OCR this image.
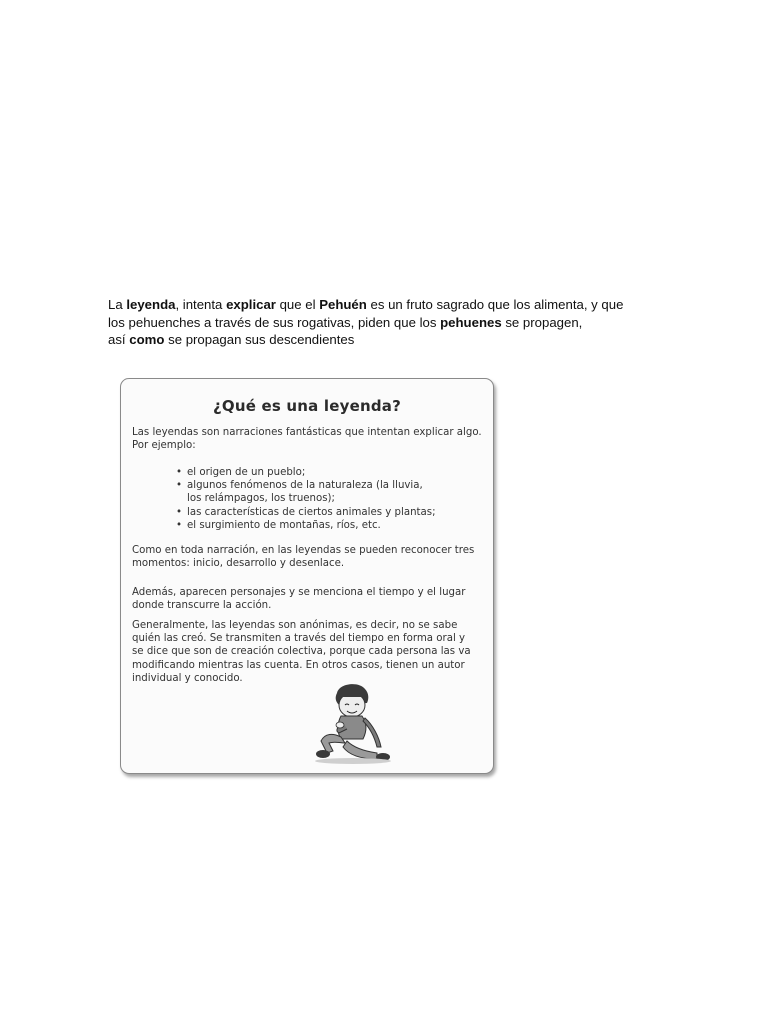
La leyenda, intenta explicar que el Pehuén es un fruto sagrado que los alimenta, y que
los pehuenches a través de sus rogativas, piden que los pehuenes se propagen,
así como se propagan sus descendientes
¿Qué es una leyenda?
Las leyendas son narraciones fantásticas que intentan explicar algo.
Por ejemplo:
• el origen de un pueblo;
• algunos fenómenos de la naturaleza (la lluvia,
los relámpagos, los truenos);
• las características de ciertos animales y plantas;
• el surgimiento de montañas, ríos, etc.
Como en toda narración, en las leyendas se pueden reconocer tres
momentos: inicio, desarrollo y desenlace.
Además, aparecen personajes y se menciona el tiempo y el lugar
donde transcurre la acción.
Generalmente, las leyendas son anónimas, es decir, no se sabe
quién las creó. Se transmiten a través del tiempo en forma oral y
se dice que son de creación colectiva, porque cada persona las va
modificando mientras las cuenta. En otros casos, tienen un autor
individual y conocido.
